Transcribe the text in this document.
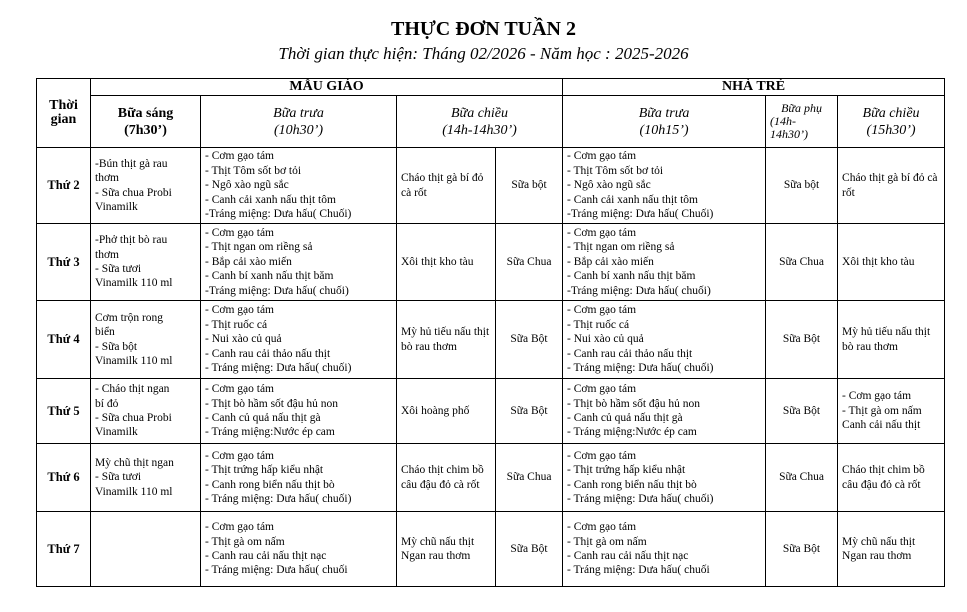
THỰC ĐƠN TUẦN 2
Thời gian thực hiện: Tháng 02/2026 - Năm học : 2025-2026
Thời gian	MẪU GIÁO				NHÀ TRẺ		

	Bữa sáng
(7h30’)	Bữa trưa
(10h30’)	Bữa chiều
(14h-14h30’)		Bữa trưa
(10h15’)	Bữa phụ
(14h-
14h30’)	Bữa chiều
(15h30’)

Thứ 2	-Bún thịt gà rau
thơm
- Sữa chua Probi
Vinamilk	- Cơm gạo tám
- Thịt Tôm sốt bơ tỏi
- Ngô xào ngũ sắc
- Canh cải xanh nấu thịt tôm
-Tráng miệng: Dưa hấu( Chuối)	Cháo thịt gà bí đỏ cà rốt	Sữa bột	- Cơm gạo tám
- Thịt Tôm sốt bơ tỏi
- Ngô xào ngũ sắc
- Canh cải xanh nấu thịt tôm
-Tráng miệng: Dưa hấu( Chuối)	Sữa bột	Cháo thịt gà bí đỏ cà rốt
Thứ 3	-Phở thịt bò rau
thơm
- Sữa tươi
Vinamilk 110 ml	- Cơm gạo tám
- Thịt ngan om riềng sả
- Bắp cải xào miến
- Canh bí xanh nấu thịt băm
-Tráng miệng: Dưa hấu( chuối)	Xôi thịt kho tàu	Sữa Chua	- Cơm gạo tám
- Thịt ngan om riềng sả
- Bắp cải xào miến
- Canh bí xanh nấu thịt băm
-Tráng miệng: Dưa hấu( chuối)	Sữa Chua	Xôi thịt kho tàu
Thứ 4	Cơm trộn rong
biển
- Sữa bột
Vinamilk 110 ml	- Cơm gạo tám
- Thịt ruốc cá
- Nui xào củ quả
- Canh rau cải thảo nấu thịt
- Tráng miệng: Dưa hấu( chuối)	Mỳ hủ tiếu nấu thịt bò rau thơm	Sữa Bột	- Cơm gạo tám
- Thịt ruốc cá
- Nui xào củ quả
- Canh rau cải thảo nấu thịt
- Tráng miệng: Dưa hấu( chuối)	Sữa Bột	Mỳ hủ tiếu nấu thịt bò rau thơm
Thứ 5	- Cháo thịt ngan
bí đỏ
- Sữa chua Probi
Vinamilk	- Cơm gạo tám
- Thịt bò hầm sốt đậu hủ non
- Canh củ quả nấu thịt gà
- Tráng miệng:Nước ép cam	Xôi hoàng phố	Sữa Bột	- Cơm gạo tám
- Thịt bò hầm sốt đậu hủ non
- Canh củ quả nấu thịt gà
- Tráng miệng:Nước ép cam	Sữa Bột	- Cơm gạo tám
- Thịt gà om nấm
Canh cải nấu thịt

Thứ 6	Mỳ chũ thịt ngan
- Sữa tươi
Vinamilk 110 ml	- Cơm gạo tám
- Thịt trứng hấp kiểu nhật
- Canh rong biển nấu thịt bò
- Tráng miệng: Dưa hấu( chuối)	Cháo thịt chim bồ câu đậu đỏ cà rốt	Sữa Chua	- Cơm gạo tám
- Thịt trứng hấp kiểu nhật
- Canh rong biển nấu thịt bò
- Tráng miệng: Dưa hấu( chuối)	Sữa Chua	Cháo thịt chim bồ câu đậu đỏ cà rốt
Thứ 7		- Cơm gạo tám
- Thịt gà om nấm
- Canh rau cải nấu thịt nạc
- Tráng miệng: Dưa hấu( chuối	Mỳ chũ nấu thịt Ngan rau thơm	Sữa Bột	- Cơm gạo tám
- Thịt gà om nấm
- Canh rau cải nấu thịt nạc
- Tráng miệng: Dưa hấu( chuối	Sữa Bột	Mỳ chũ nấu thịt Ngan rau thơm
